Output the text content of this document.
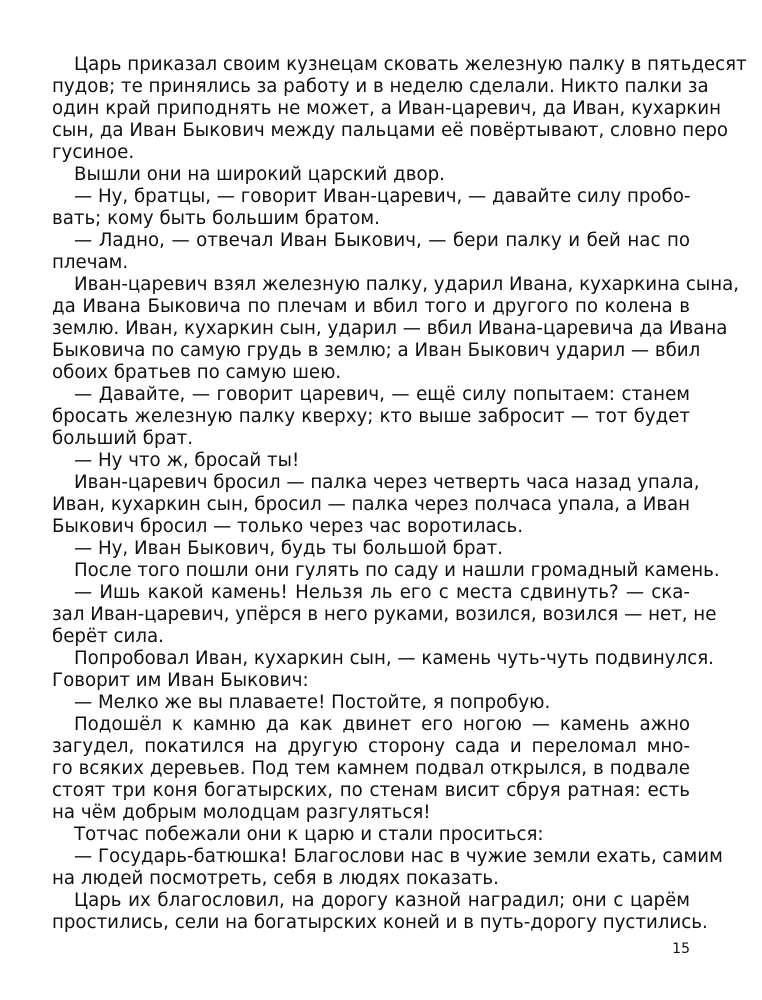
Царь приказал своим кузнецам сковать железную палку в пятьдесят
пудов; те принялись за работу и в неделю сделали. Никто палки за
один край приподнять не может, а Иван-царевич, да Иван, кухаркин
сын, да Иван Быкович между пальцами её повёртывают, словно перо
гусиное.
Вышли они на широкий царский двор.
— Ну, братцы, — говорит Иван-царевич, — давайте силу пробо-
вать; кому быть большим братом.
— Ладно, — отвечал Иван Быкович, — бери палку и бей нас по
плечам.
Иван-царевич взял железную палку, ударил Ивана, кухаркина сына,
да Ивана Быковича по плечам и вбил того и другого по колена в
землю. Иван, кухаркин сын, ударил — вбил Ивана-царевича да Ивана
Быковича по самую грудь в землю; а Иван Быкович ударил — вбил
обоих братьев по самую шею.
— Давайте, — говорит царевич, — ещё силу попытаем: станем
бросать железную палку кверху; кто выше забросит — тот будет
больший брат.
— Ну что ж, бросай ты!
Иван-царевич бросил — палка через четверть часа назад упала,
Иван, кухаркин сын, бросил — палка через полчаса упала, а Иван
Быкович бросил — только через час воротилась.
— Ну, Иван Быкович, будь ты большой брат.
После того пошли они гулять по саду и нашли громадный камень.
— Ишь какой камень! Нельзя ль его с места сдвинуть? — ска-
зал Иван-царевич, упёрся в него руками, возился, возился — нет, не
берёт сила.
Попробовал Иван, кухаркин сын, — камень чуть-чуть подвинулся.
Говорит им Иван Быкович:
— Мелко же вы плаваете! Постойте, я попробую.
Подошёл к камню да как двинет его ногою — камень ажно
загудел, покатился на другую сторону сада и переломал мно-
го всяких деревьев. Под тем камнем подвал открылся, в подвале
стоят три коня богатырских, по стенам висит сбруя ратная: есть
на чём добрым молодцам разгуляться!
Тотчас побежали они к царю и стали проситься:
— Государь-батюшка! Благослови нас в чужие земли ехать, самим
на людей посмотреть, себя в людях показать.
Царь их благословил, на дорогу казной наградил; они с царём
простились, сели на богатырских коней и в путь-дорогу пустились.
15
